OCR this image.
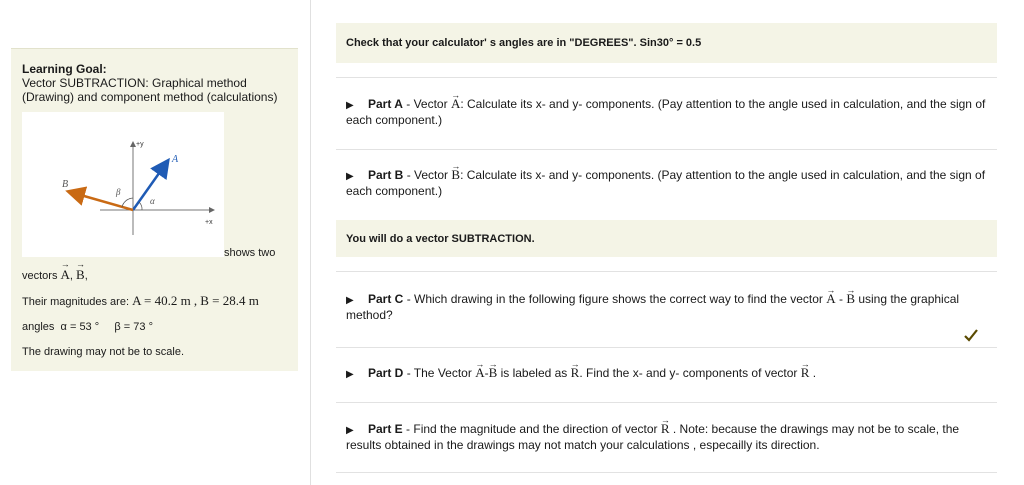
Learning Goal:
Vector SUBTRACTION: Graphical method
(Drawing) and component method (calculations)
+y
+x
A
B
α
β
shows two
vectors → A, → B,
Their magnitudes are: A = 40.2 m , B = 28.4 m
angles α = 53 ° β = 73 °
The drawing may not be to scale.
Check that your calculator' s angles are in "DEGREES". Sin30° = 0.5
▶ Part A - Vector → A: Calculate its x- and y- components. (Pay attention to the angle used in calculation, and the sign of each component.)
▶ Part B - Vector → B: Calculate its x- and y- components. (Pay attention to the angle used in calculation, and the sign of each component.)
You will do a vector SUBTRACTION.
▶ Part C - Which drawing in the following figure shows the correct way to find the vector → A - → B using the graphical method?
▶ Part D - The Vector → A-→ B is labeled as → R. Find the x- and y- components of vector → R .
▶ Part E - Find the magnitude and the direction of vector → R . Note: because the drawings may not be to scale, the results obtained in the drawings may not match your calculations , especailly its direction.
